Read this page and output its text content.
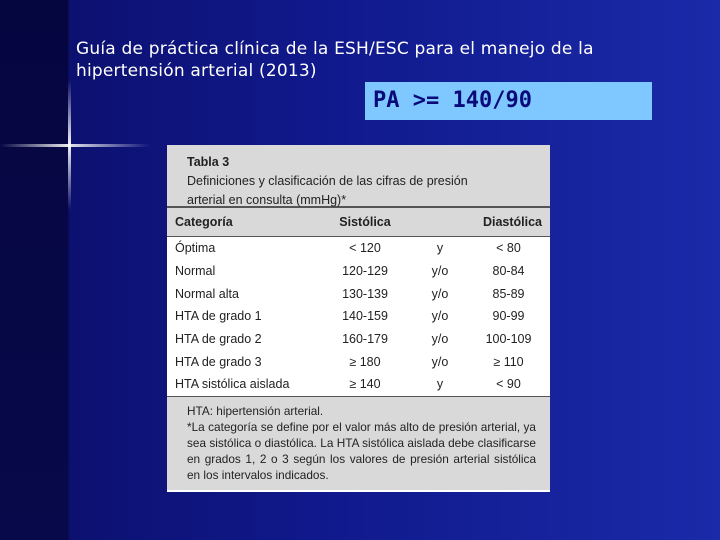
Guía de práctica clínica de la ESH/ESC para el manejo de la hipertensión arterial (2013)
PA >= 140/90
Tabla 3
Definiciones y clasificación de las cifras de presión arterial en consulta (mmHg)*
Categoría	Sistólica		Diastólica
Óptima	< 120	y	< 80
Normal	120-129	y/o	80-84
Normal alta	130-139	y/o	85-89
HTA de grado 1	140-159	y/o	90-99
HTA de grado 2	160-179	y/o	100-109
HTA de grado 3	≥ 180	y/o	≥ 110
HTA sistólica aislada	≥ 140	y	< 90
HTA: hipertensión arterial.
*La categoría se define por el valor más alto de presión arterial, ya sea sistólica o diastólica. La HTA sistólica aislada debe clasificarse en grados 1, 2 o 3 según los valores de presión arterial sistólica en los intervalos indicados.
